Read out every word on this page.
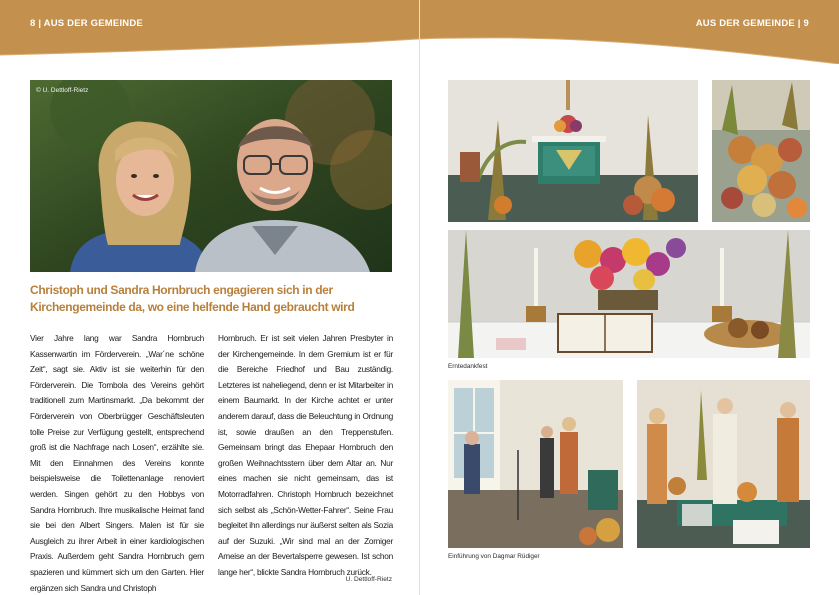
8 | AUS DER GEMEINDE	AUS DER GEMEINDE | 9
© U. Dettloff-Rietz
Christoph und Sandra Hornbruch engagieren sich in der Kirchengemeinde da, wo eine helfende Hand gebraucht wird

Vier Jahre lang war Sandra Hornbruch Kassenwartin im Förderverein. „War´ne schöne Zeit“, sagt sie. Aktiv ist sie weiterhin für den Förderverein. Die Tombola des Vereins gehört traditionell zum Martinsmarkt. „Da bekommt der Förderverein von Oberbrügger Geschäftsleuten tolle Preise zur Verfügung gestellt, entsprechend groß ist die Nachfrage nach Losen“, erzählte sie. Mit den Einnahmen des Vereins konnte beispielsweise die Toilettenanlage renoviert werden. Singen gehört zu den Hobbys von Sandra Hornbruch. Ihre musikalische Heimat fand sie bei den Albert Singers. Malen ist für sie Ausgleich zu ihrer Arbeit in einer kardiologischen Praxis. Außerdem geht Sandra Hornbruch gern spazieren und kümmert sich um den Garten. Hier ergänzen sich Sandra und Christoph

Hornbruch. Er ist seit vielen Jahren Presbyter in der Kirchengemeinde. In dem Gremium ist er für die Bereiche Friedhof und Bau zuständig. Letzteres ist naheliegend, denn er ist Mitarbeiter in einem Baumarkt. In der Kirche achtet er unter anderem darauf, dass die Beleuchtung in Ordnung ist, sowie draußen an den Treppenstufen. Gemeinsam bringt das Ehepaar Hornbruch den großen Weihnachtsstern über dem Altar an. Nur eines machen sie nicht gemeinsam, das ist Motorradfahren. Christoph Hornbruch bezeichnet sich selbst als „Schön-Wetter-Fahrer“. Seine Frau begleitet ihn allerdings nur äußerst selten als Sozia auf der Suzuki. „Wir sind mal an der Zorniger Ameise an der Bevertalsperre gewesen. Ist schon lange her“, blickte Sandra Hornbruch zurück.

U. Dettloff-Rietz
Erntedankfest
Einführung von Dagmar Rüdiger
